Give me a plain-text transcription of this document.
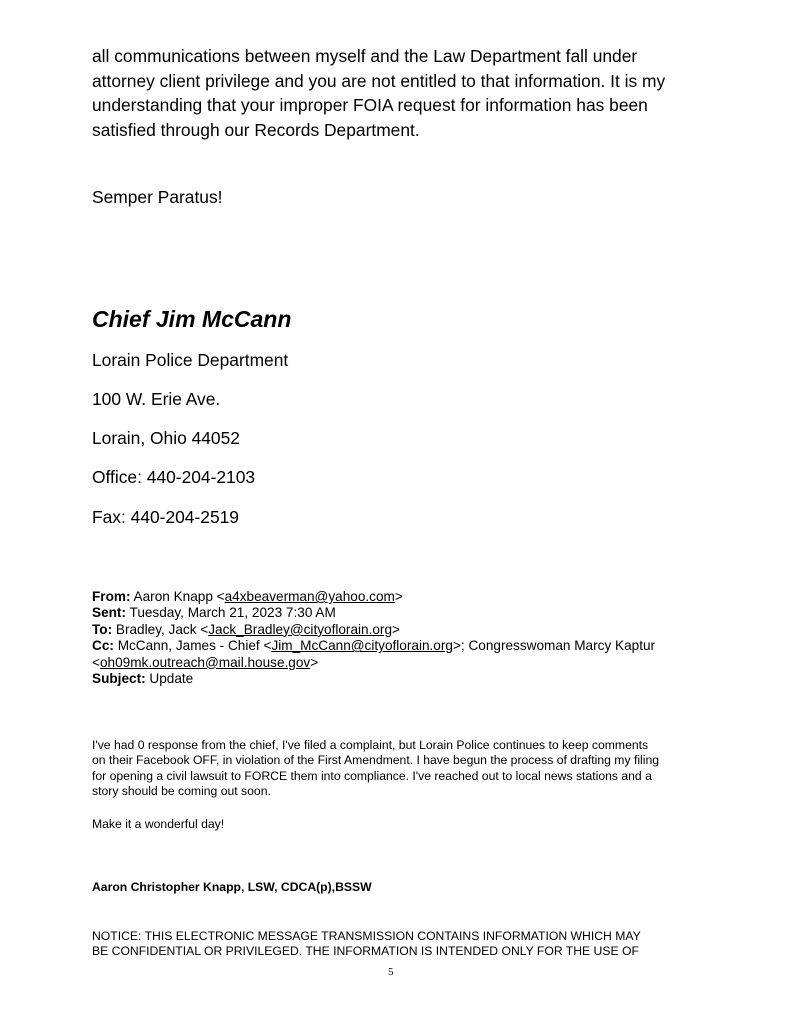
all communications between myself and the Law Department fall under
attorney client privilege and you are not entitled to that information. It is my
understanding that your improper FOIA request for information has been
satisfied through our Records Department.
Semper Paratus!
Chief Jim McCann
Lorain Police Department
100 W. Erie Ave.
Lorain, Ohio 44052
Office: 440-204-2103
Fax: 440-204-2519
From: Aaron Knapp <a4xbeaverman@yahoo.com>
Sent: Tuesday, March 21, 2023 7:30 AM
To: Bradley, Jack <Jack_Bradley@cityoflorain.org>
Cc: McCann, James - Chief <Jim_McCann@cityoflorain.org>; Congresswoman Marcy Kaptur
<oh09mk.outreach@mail.house.gov>
Subject: Update
I've had 0 response from the chief, I've filed a complaint, but Lorain Police continues to keep comments
on their Facebook OFF, in violation of the First Amendment. I have begun the process of drafting my filing
for opening a civil lawsuit to FORCE them into compliance. I've reached out to local news stations and a
story should be coming out soon.
Make it a wonderful day!
Aaron Christopher Knapp, LSW, CDCA(p),BSSW
NOTICE: THIS ELECTRONIC MESSAGE TRANSMISSION CONTAINS INFORMATION WHICH MAY
BE CONFIDENTIAL OR PRIVILEGED. THE INFORMATION IS INTENDED ONLY FOR THE USE OF
5
